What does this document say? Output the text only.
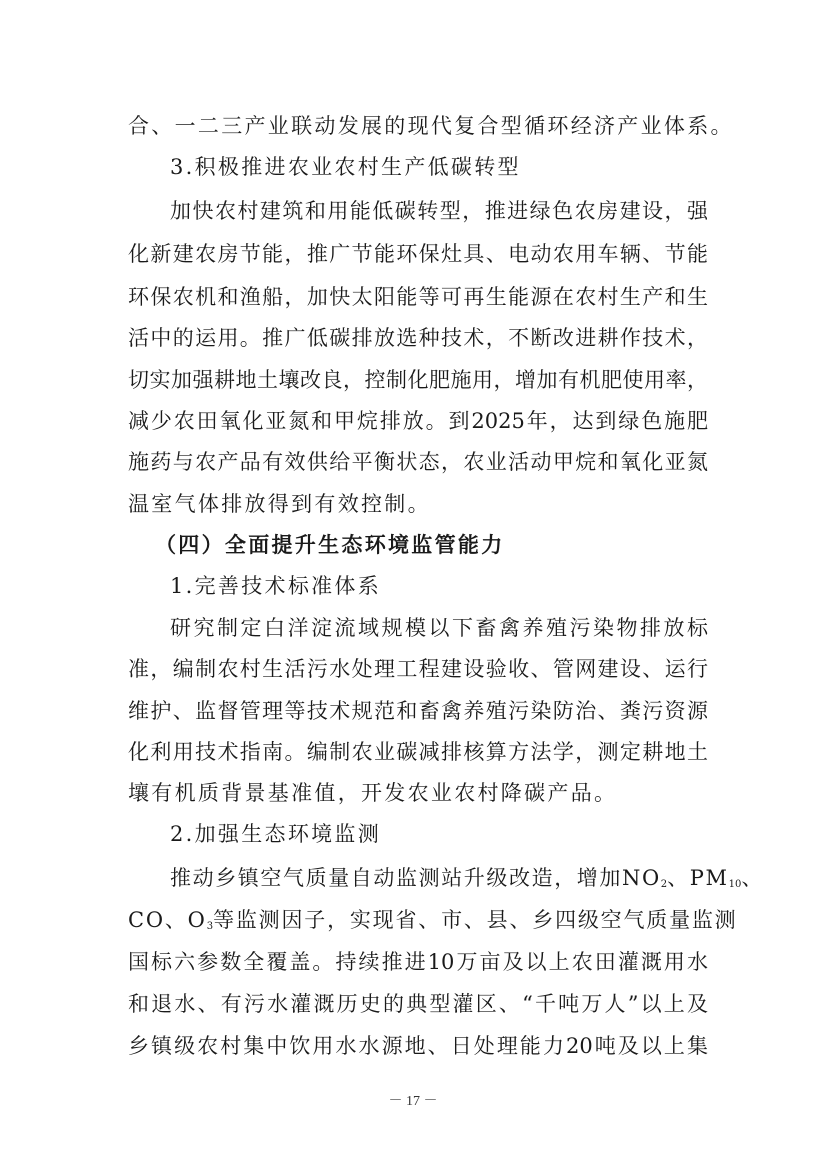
合、一二三产业联动发展的现代复合型循环经济产业体系。
3.积极推进农业农村生产低碳转型
加快农村建筑和用能低碳转型，推进绿色农房建设，强
化新建农房节能，推广节能环保灶具、电动农用车辆、节能
环保农机和渔船，加快太阳能等可再生能源在农村生产和生
活中的运用。推广低碳排放选种技术，不断改进耕作技术，
切实加强耕地土壤改良，控制化肥施用，增加有机肥使用率，
减少农田氧化亚氮和甲烷排放。到2025年，达到绿色施肥
施药与农产品有效供给平衡状态，农业活动甲烷和氧化亚氮
温室气体排放得到有效控制。
（四）全面提升生态环境监管能力
1.完善技术标准体系
研究制定白洋淀流域规模以下畜禽养殖污染物排放标
准，编制农村生活污水处理工程建设验收、管网建设、运行
维护、监督管理等技术规范和畜禽养殖污染防治、粪污资源
化利用技术指南。编制农业碳减排核算方法学，测定耕地土
壤有机质背景基准值，开发农业农村降碳产品。
2.加强生态环境监测
推动乡镇空气质量自动监测站升级改造，增加$NO_2$、$PM_{10}$、
CO、$O_3$等监测因子，实现省、市、县、乡四级空气质量监测
国标六参数全覆盖。持续推进10万亩及以上农田灌溉用水
和退水、有污水灌溉历史的典型灌区、“千吨万人”以上及
乡镇级农村集中饮用水水源地、日处理能力20吨及以上集
－ 17 －
